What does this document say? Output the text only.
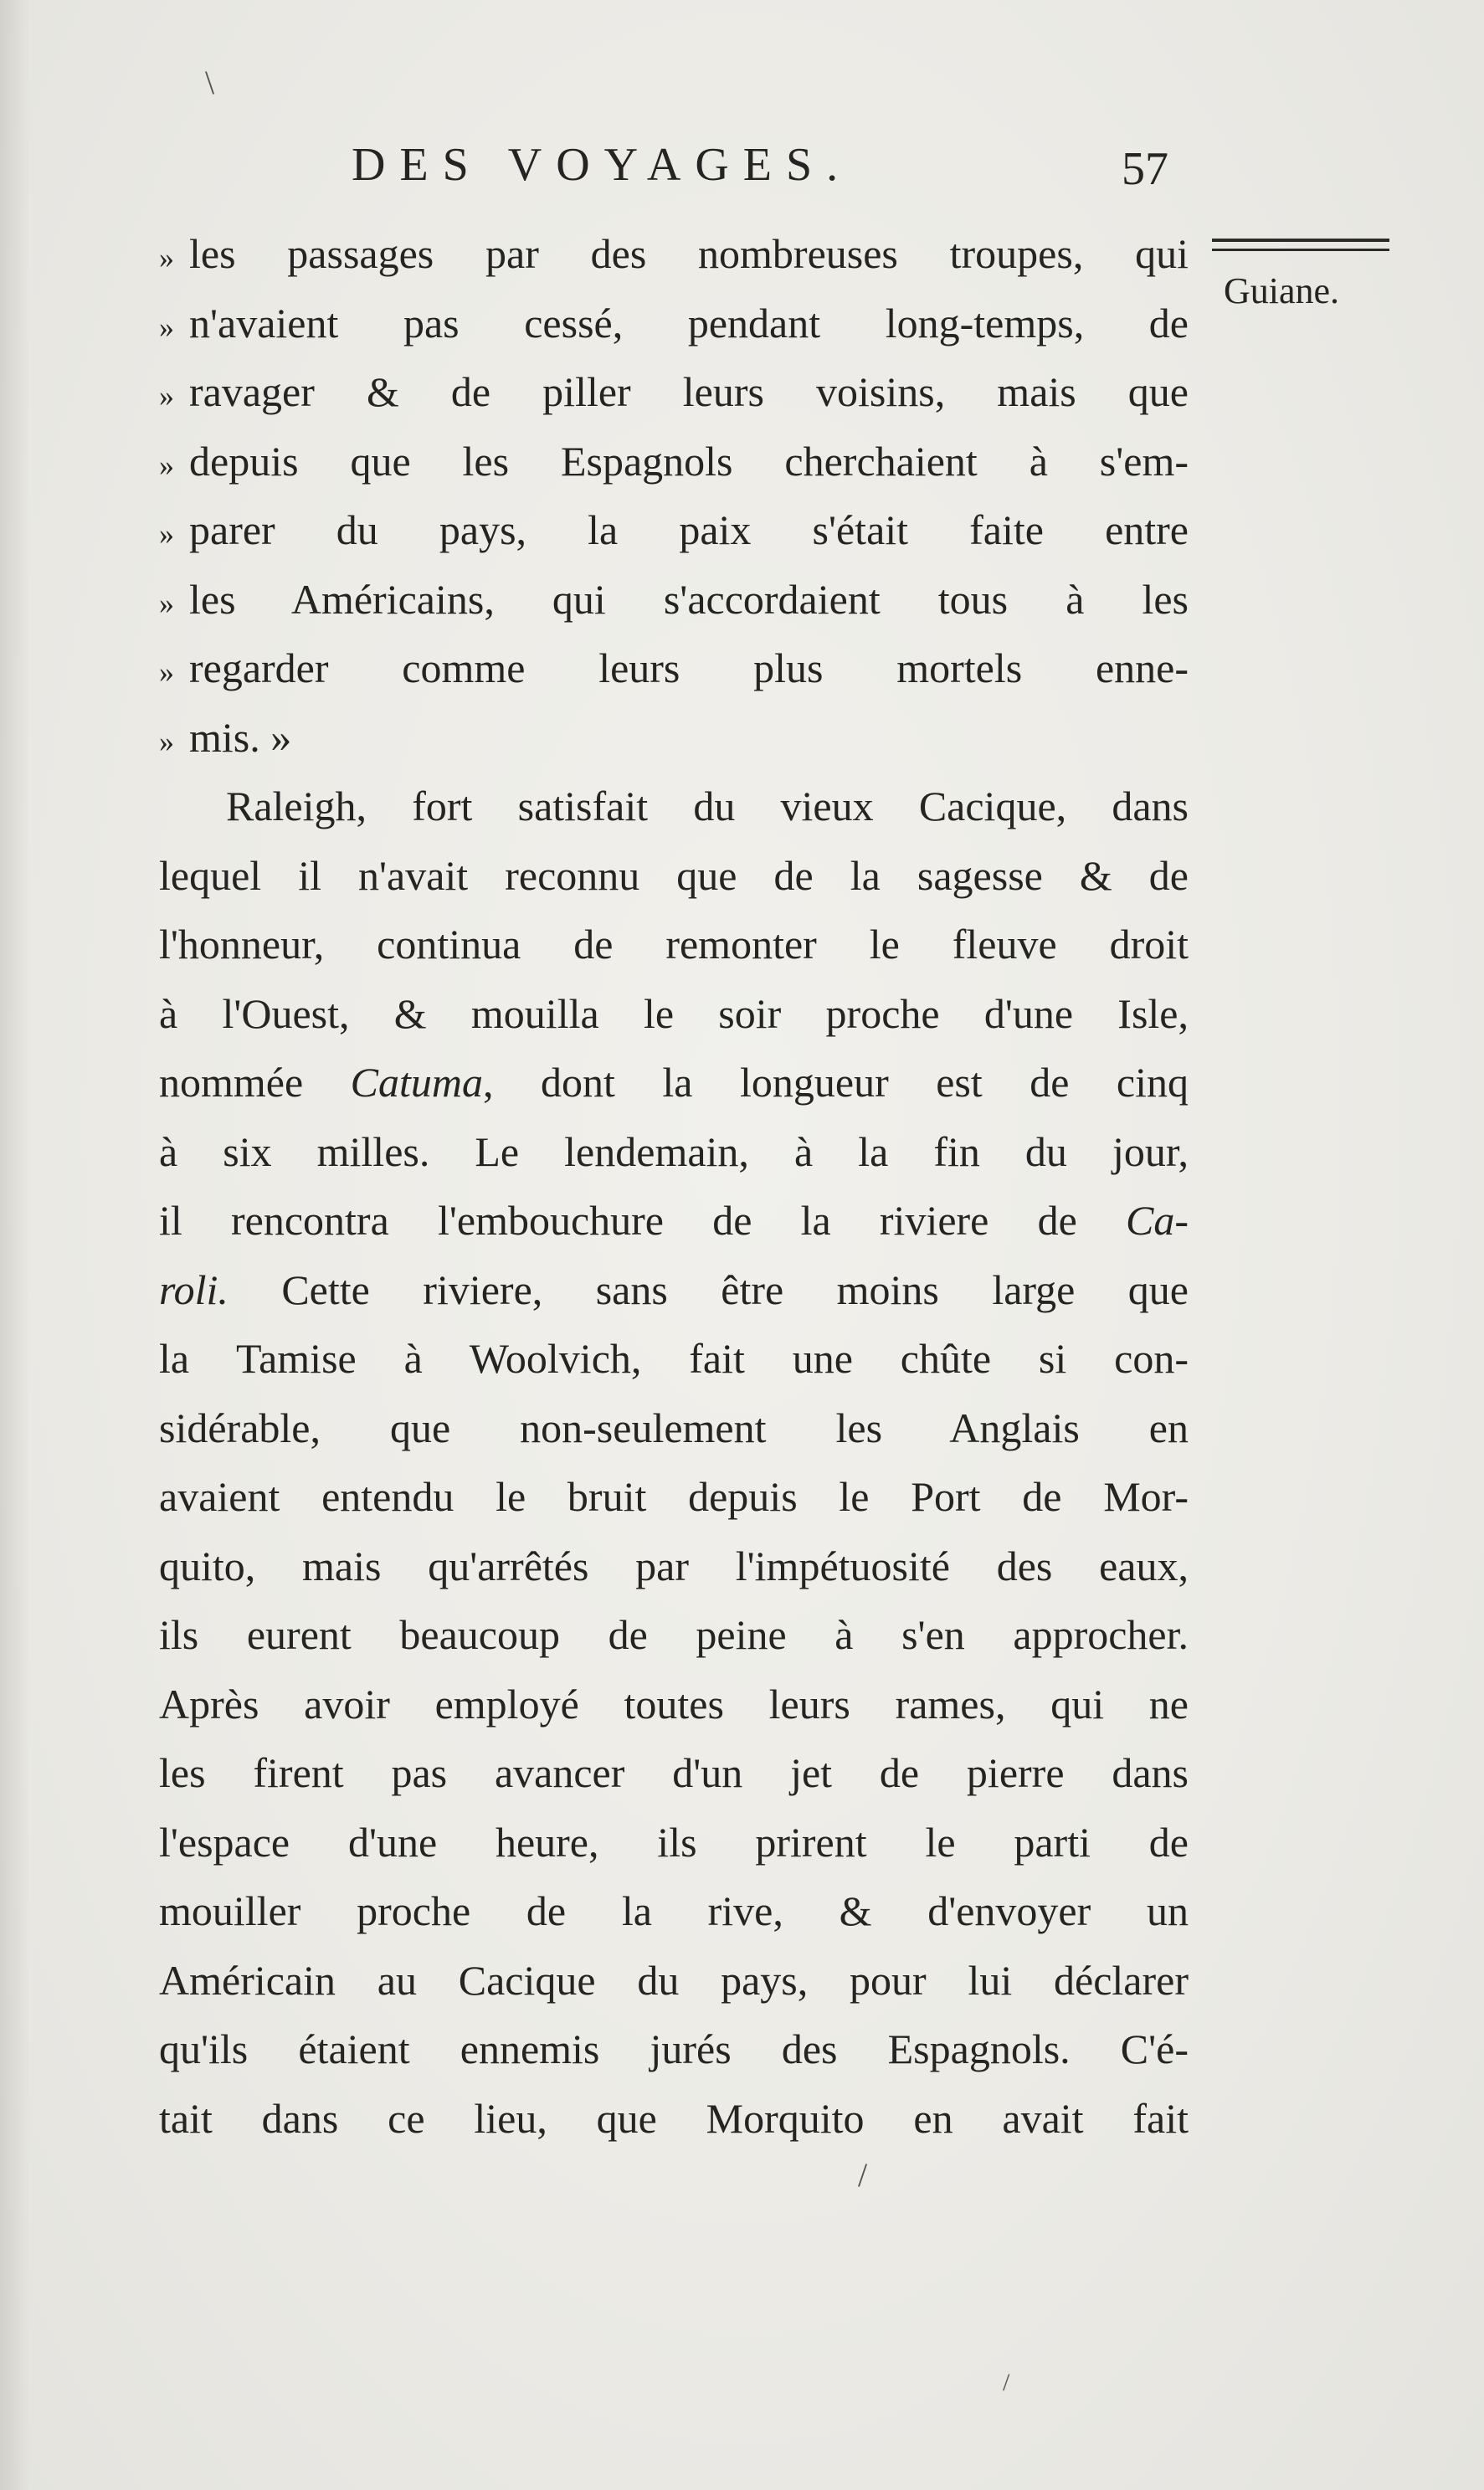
\
DES VOYAGES.	57
Guiane.
» les passages par des nombreuses troupes, qui
» n'avaient pas cessé, pendant long-temps, de
» ravager & de piller leurs voisins, mais que
» depuis que les Espagnols cherchaient à s'em-
» parer du pays, la paix s'était faite entre
» les Américains, qui s'accordaient tous à les
» regarder comme leurs plus mortels enne-
» mis. »
Raleigh, fort satisfait du vieux Cacique, dans
lequel il n'avait reconnu que de la sagesse & de
l'honneur, continua de remonter le fleuve droit
à l'Ouest, & mouilla le soir proche d'une Isle,
nommée Catuma, dont la longueur est de cinq
à six milles. Le lendemain, à la fin du jour,
il rencontra l'embouchure de la riviere de Ca-
roli. Cette riviere, sans être moins large que
la Tamise à Woolvich, fait une chûte si con-
sidérable, que non-seulement les Anglais en
avaient entendu le bruit depuis le Port de Mor-
quito, mais qu'arrêtés par l'impétuosité des eaux,
ils eurent beaucoup de peine à s'en approcher.
Après avoir employé toutes leurs rames, qui ne
les firent pas avancer d'un jet de pierre dans
l'espace d'une heure, ils prirent le parti de
mouiller proche de la rive, & d'envoyer un
Américain au Cacique du pays, pour lui déclarer
qu'ils étaient ennemis jurés des Espagnols. C'é-
tait dans ce lieu, que Morquito en avait fait
/
/
